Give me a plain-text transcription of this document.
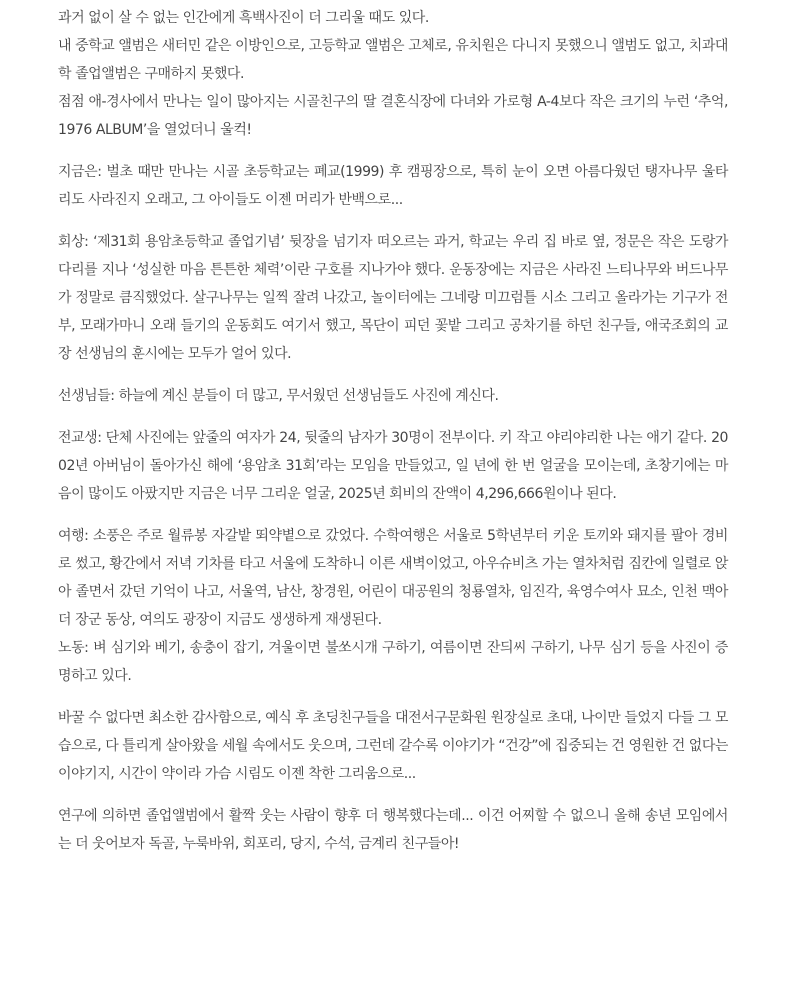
과거 없이 살 수 없는 인간에게 흑백사진이 더 그리울 때도 있다.

내 중학교 앨범은 새터민 같은 이방인으로, 고등학교 앨범은 고체로, 유치원은 다니지 못했으니 앨범도 없고, 치과대학 졸업앨범은 구매하지 못했다.

점점 애-경사에서 만나는 일이 많아지는 시골친구의 딸 결혼식장에 다녀와 가로형 A-4보다 작은 크기의 누런 ‘추억, 1976 ALBUM’을 열었더니 울컥!

지금은: 벌초 때만 만나는 시골 초등학교는 폐교(1999) 후 캠핑장으로, 특히 눈이 오면 아름다웠던 탱자나무 울타리도 사라진지 오래고, 그 아이들도 이젠 머리가 반백으로...

회상: ‘제31회 용암초등학교 졸업기념’ 뒷장을 넘기자 떠오르는 과거, 학교는 우리 집 바로 옆, 정문은 작은 도랑가 다리를 지나 ‘성실한 마음 튼튼한 체력’이란 구호를 지나가야 했다. 운동장에는 지금은 사라진 느티나무와 버드나무가 정말로 큼직했었다. 살구나무는 일찍 잘려 나갔고, 놀이터에는 그네랑 미끄럼틀 시소 그리고 올라가는 기구가 전부, 모래가마니 오래 들기의 운동회도 여기서 했고, 목단이 피던 꽃밭 그리고 공차기를 하던 친구들, 애국조회의 교장 선생님의 훈시에는 모두가 얼어 있다.

선생님들: 하늘에 계신 분들이 더 많고, 무서웠던 선생님들도 사진에 계신다.

전교생: 단체 사진에는 앞줄의 여자가 24, 뒷줄의 남자가 30명이 전부이다. 키 작고 야리야리한 나는 애기 같다. 2002년 아버님이 돌아가신 해에 ‘용암초 31회’라는 모임을 만들었고, 일 년에 한 번 얼굴을 모이는데, 초창기에는 마음이 많이도 아팠지만 지금은 너무 그리운 얼굴, 2025년 회비의 잔액이 4,296,666원이나 된다.

여행: 소풍은 주로 월류봉 자갈밭 뙤약볕으로 갔었다. 수학여행은 서울로 5학년부터 키운 토끼와 돼지를 팔아 경비로 썼고, 황간에서 저녁 기차를 타고 서울에 도착하니 이른 새벽이었고, 아우슈비츠 가는 열차처럼 짐칸에 일렬로 앉아 졸면서 갔던 기억이 나고, 서울역, 남산, 창경원, 어린이 대공원의 청룡열차, 임진각, 육영수여사 묘소, 인천 맥아더 장군 동상, 여의도 광장이 지금도 생생하게 재생된다.

노동: 벼 심기와 베기, 송충이 잡기, 겨울이면 불쏘시개 구하기, 여름이면 잔듸씨 구하기, 나무 심기 등을 사진이 증명하고 있다.

바꿀 수 없다면 최소한 감사함으로, 예식 후 초딩친구들을 대전서구문화원 원장실로 초대, 나이만 들었지 다들 그 모습으로, 다 틀리게 살아왔을 세월 속에서도 웃으며, 그런데 갈수록 이야기가 “건강”에 집중되는 건 영원한 건 없다는 이야기지, 시간이 약이라 가슴 시림도 이젠 착한 그리움으로...

연구에 의하면 졸업앨범에서 활짝 웃는 사람이 향후 더 행복했다는데... 이건 어찌할 수 없으니 올해 송년 모임에서는 더 웃어보자 독골, 누룩바위, 회포리, 당지, 수석, 금계리 친구들아!
